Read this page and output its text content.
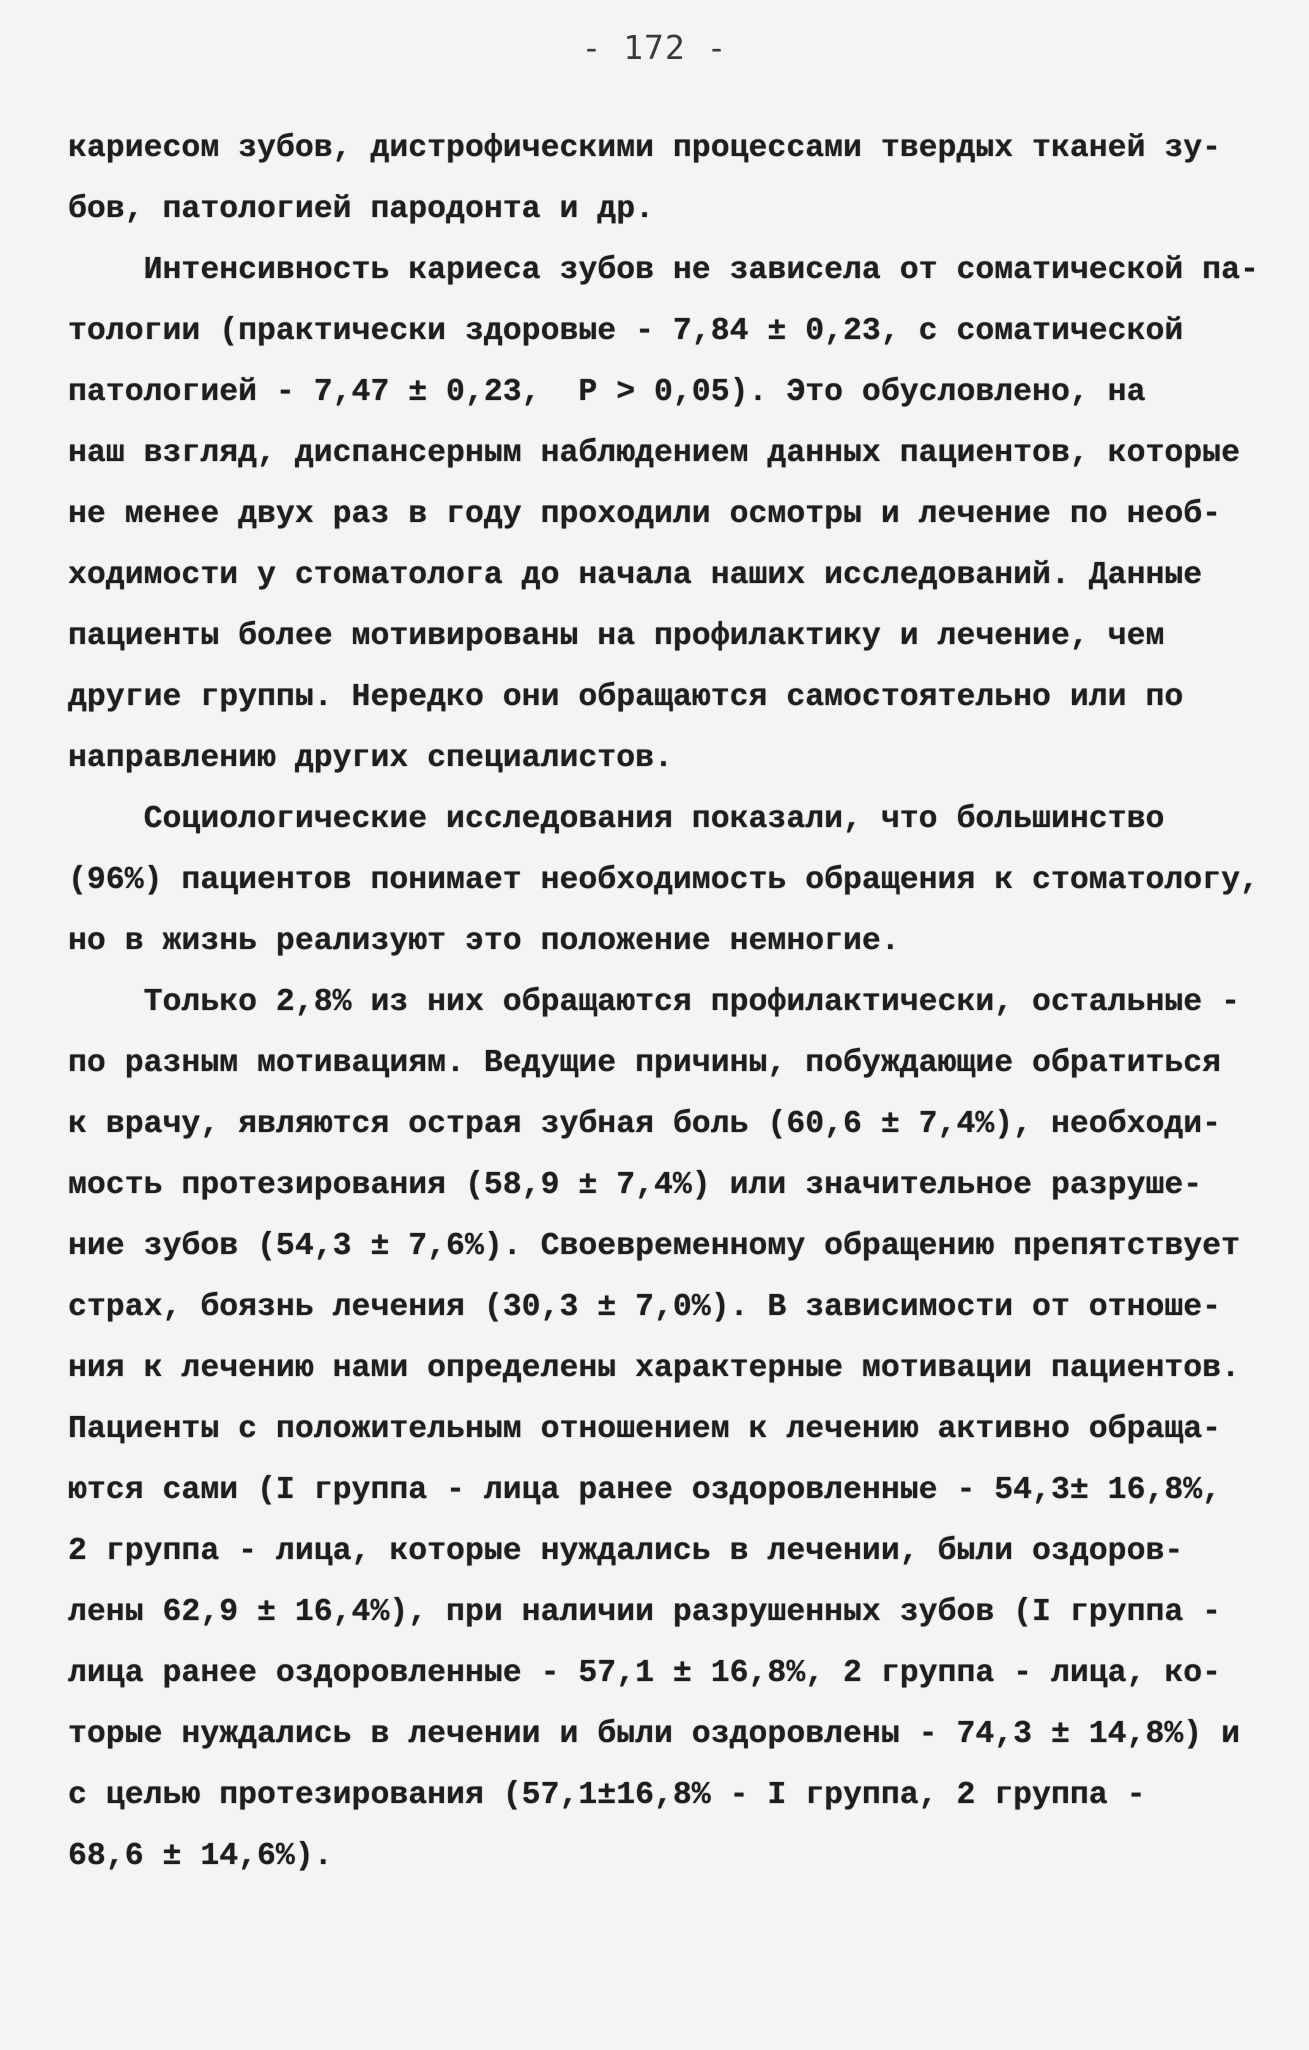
- 172 -
кариесом зубов, дистрофическими процессами твердых тканей зу-
бов, патологией пародонта и др.
Интенсивность кариеса зубов не зависела от соматической па-
тологии (практически здоровые - 7,84 ± 0,23, с соматической
патологией - 7,47 ± 0,23,  P > 0,05). Это обусловлено, на
наш взгляд, диспансерным наблюдением данных пациентов, которые
не менее двух раз в году проходили осмотры и лечение по необ-
ходимости у стоматолога до начала наших исследований. Данные
пациенты более мотивированы на профилактику и лечение, чем
другие группы. Нередко они обращаются самостоятельно или по
направлению других специалистов.
Социологические исследования показали, что большинство
(96%) пациентов понимает необходимость обращения к стоматологу,
но в жизнь реализуют это положение немногие.
Только 2,8% из них обращаются профилактически, остальные -
по разным мотивациям. Ведущие причины, побуждающие обратиться
к врачу, являются острая зубная боль (60,6 ± 7,4%), необходи-
мость протезирования (58,9 ± 7,4%) или значительное разруше-
ние зубов (54,3 ± 7,6%). Своевременному обращению препятствует
страх, боязнь лечения (30,3 ± 7,0%). В зависимости от отноше-
ния к лечению нами определены характерные мотивации пациентов.
Пациенты с положительным отношением к лечению активно обраща-
ются сами (I группа - лица ранее оздоровленные - 54,3± 16,8%,
2 группа - лица, которые нуждались в лечении, были оздоров-
лены 62,9 ± 16,4%), при наличии разрушенных зубов (I группа -
лица ранее оздоровленные - 57,1 ± 16,8%, 2 группа - лица, ко-
торые нуждались в лечении и были оздоровлены - 74,3 ± 14,8%) и
с целью протезирования (57,1±16,8% - I группа, 2 группа -
68,6 ± 14,6%).
